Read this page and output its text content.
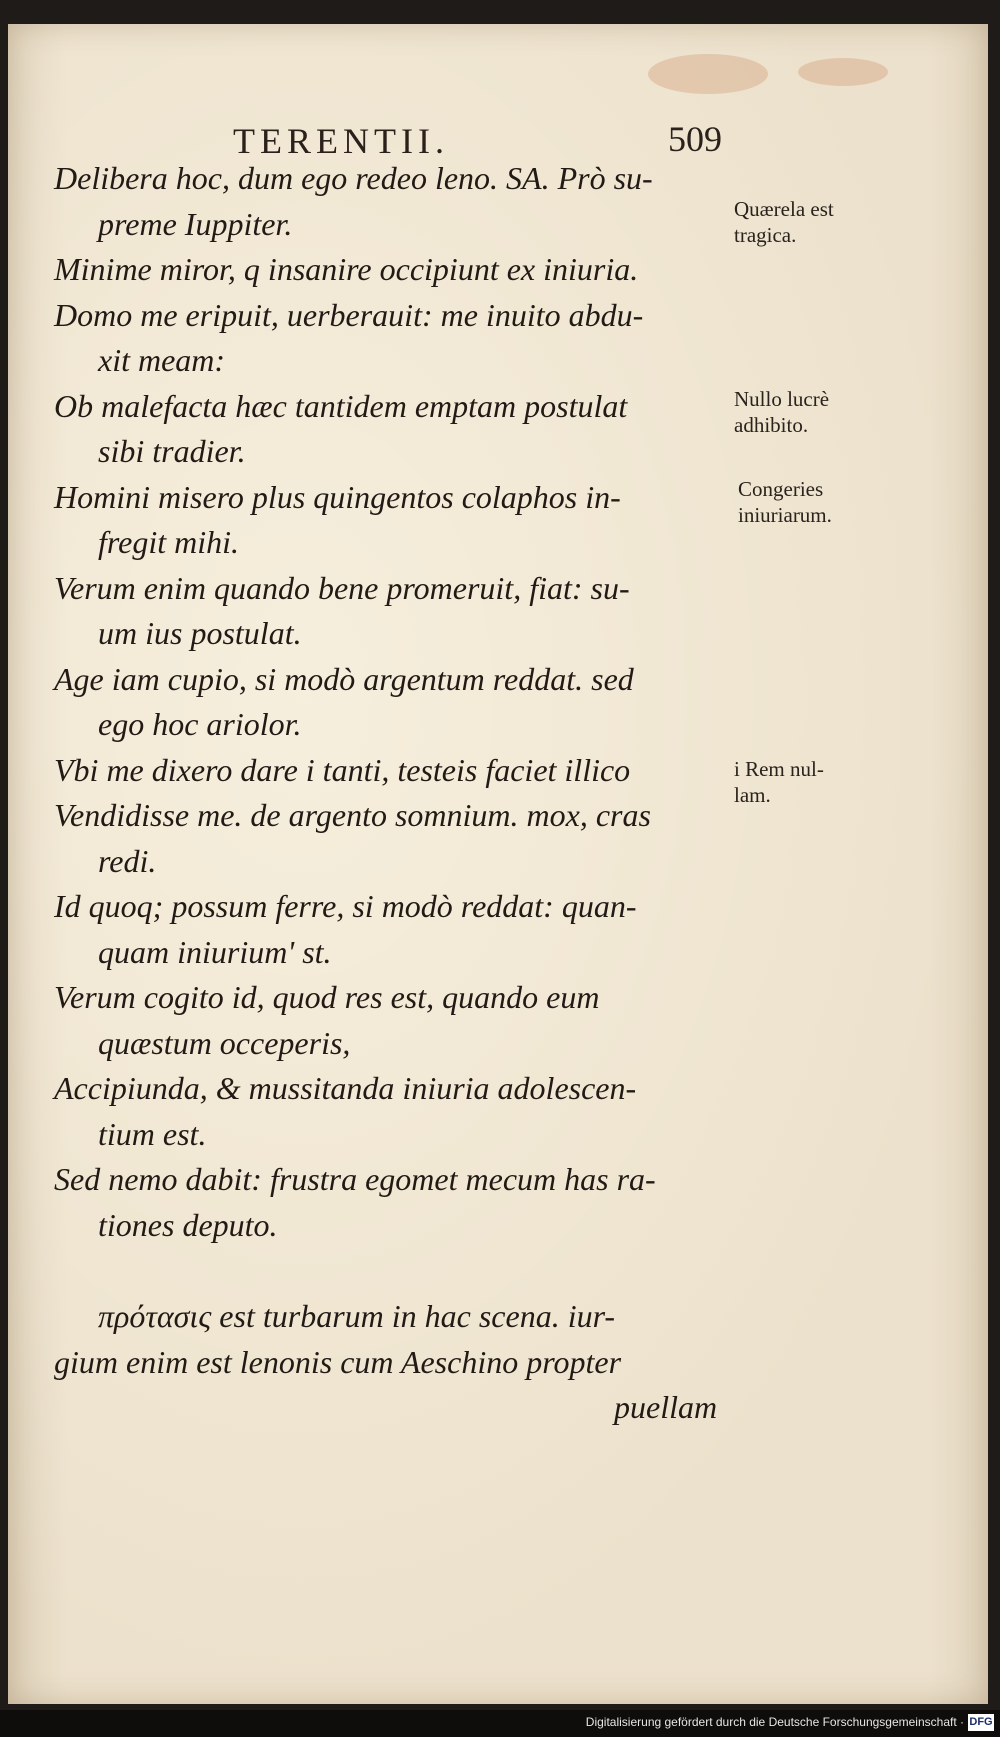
TERENTII.	509
Delibera hoc, dum ego redeo leno. SA. Prò su-
preme Iuppiter.
Minime miror, q insanire occipiunt ex iniuria.
Domo me eripuit, uerberauit: me inuito abdu-
xit meam:
Ob malefacta hæc tantidem emptam postulat
sibi tradier.
Homini misero plus quingentos colaphos in-
fregit mihi.
Verum enim quando bene promeruit, fiat: su-
um ius postulat.
Age iam cupio, si modò argentum reddat. sed
ego hoc ariolor.
Vbi me dixero dare i tanti, testeis faciet illico
Vendidisse me. de argento somnium. mox, cras
redi.
Id quoq; possum ferre, si modò reddat: quan-
quam iniurium' st.
Verum cogito id, quod res est, quando eum
quæstum occeperis,
Accipiunda, & mussitanda iniuria adolescen-
tium est.
Sed nemo dabit: frustra egomet mecum has ra-
tiones deputo.
πρότασις est turbarum in hac scena. iur-
gium enim est lenonis cum Aeschino propter
puellam
Quærela est
tragica.
Nullo lucrè
adhibito.
Congeries
iniuriarum.
i Rem nul-
lam.
Digitalisierung gefördert durch die Deutsche Forschungsgemeinschaft · DFG
